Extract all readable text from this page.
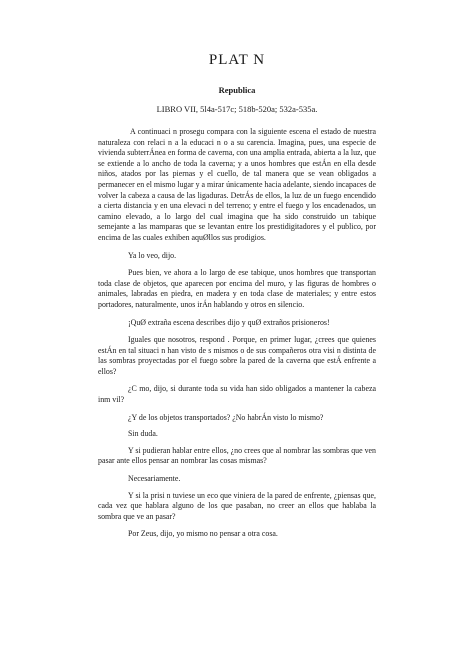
PLAT N
Republica
LIBRO VII, 5l4a-517c; 518b-520a; 532a-535a.

A continuaci n prosegu compara con la siguiente escena el estado de nuestra naturaleza con relaci n a la educaci n o a su carencia. Imagina, pues, una especie de vivienda subterrÁnea en forma de caverna, con una amplia entrada, abierta a la luz, que se extiende a lo ancho de toda la caverna; y a unos hombres que estÁn en ella desde niños, atados por las piernas y el cuello, de tal manera que se vean obligados a permanecer en el mismo lugar y a mirar únicamente hacia adelante, siendo incapaces de volver la cabeza a causa de las ligaduras. DetrÁs de ellos, la luz de un fuego encendido a cierta distancia y en una elevaci n del terreno; y entre el fuego y los encadenados, un camino elevado, a lo largo del cual imagina que ha sido construido un tabique semejante a las mamparas que se levantan entre los prestidigitadores y el publico, por encima de las cuales exhiben aquØllos sus prodigios.

Ya lo veo, dijo.

Pues bien, ve ahora a lo largo de ese tabique, unos hombres que transportan toda clase de objetos, que aparecen por encima del muro, y las figuras de hombres o animales, labradas en piedra, en madera y en toda clase de materiales; y entre estos portadores, naturalmente, unos irÁn hablando y otros en silencio.

¡QuØ extraña escena describes dijo y quØ extraños prisioneros!

Iguales que nosotros, respond . Porque, en primer lugar, ¿crees que quienes estÁn en tal situaci n han visto de s mismos o de sus compañeros otra visi n distinta de las sombras proyectadas por el fuego sobre la pared de la caverna que estÁ enfrente a ellos?

¿C mo, dijo, si durante toda su vida han sido obligados a mantener la cabeza inm vil?

¿Y de los objetos transportados? ¿No habrÁn visto lo mismo?

Sin duda.

Y si pudieran hablar entre ellos, ¿no crees que al nombrar las sombras que ven pasar ante ellos pensar an nombrar las cosas mismas?

Necesariamente.

Y si la prisi n tuviese un eco que viniera de la pared de enfrente, ¿piensas que, cada vez que hablara alguno de los que pasaban, no creer an ellos que hablaba la sombra que ve an pasar?

Por Zeus, dijo, yo mismo no pensar a otra cosa.
